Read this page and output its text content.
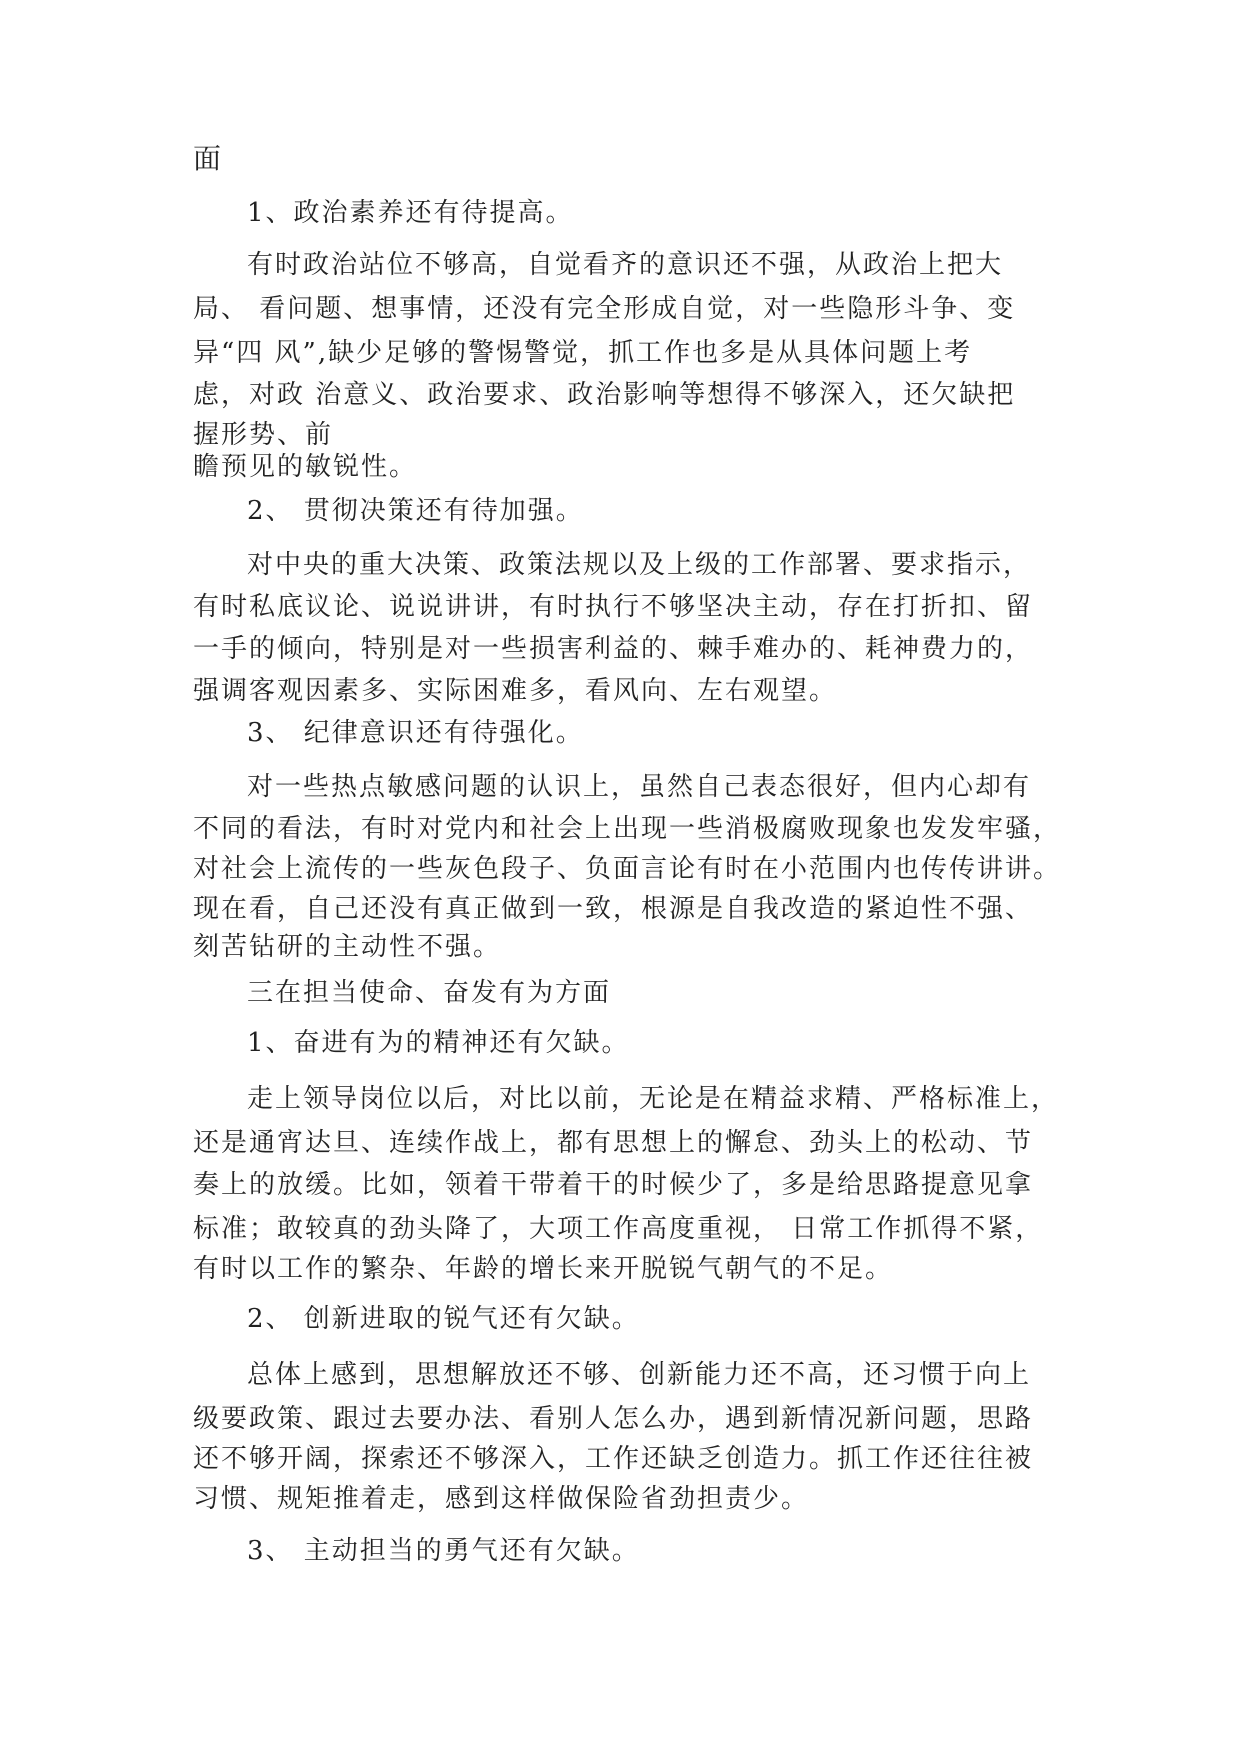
面
1、政治素养还有待提高。
有时政治站位不够高，自觉看齐的意识还不强，从政治上把大
局、 看问题、想事情，还没有完全形成自觉，对一些隐形斗争、变
异“四 风”,缺少足够的警惕警觉，抓工作也多是从具体问题上考
虑，对政 治意义、政治要求、政治影响等想得不够深入，还欠缺把
握形势、前
瞻预见的敏锐性。
2、 贯彻决策还有待加强。
对中央的重大决策、政策法规以及上级的工作部署、要求指示，
有时私底议论、说说讲讲，有时执行不够坚决主动，存在打折扣、留
一手的倾向，特别是对一些损害利益的、棘手难办的、耗神费力的，
强调客观因素多、实际困难多，看风向、左右观望。
3、 纪律意识还有待强化。
对一些热点敏感问题的认识上，虽然自己表态很好，但内心却有
不同的看法，有时对党内和社会上出现一些消极腐败现象也发发牢骚，
对社会上流传的一些灰色段子、负面言论有时在小范围内也传传讲讲。
现在看，自己还没有真正做到一致，根源是自我改造的紧迫性不强、
刻苦钻研的主动性不强。
三在担当使命、奋发有为方面
1、奋进有为的精神还有欠缺。
走上领导岗位以后，对比以前，无论是在精益求精、严格标准上，
还是通宵达旦、连续作战上，都有思想上的懈怠、劲头上的松动、节
奏上的放缓。比如，领着干带着干的时候少了，多是给思路提意见拿
标准；敢较真的劲头降了，大项工作高度重视， 日常工作抓得不紧，
有时以工作的繁杂、年龄的增长来开脱锐气朝气的不足。
2、 创新进取的锐气还有欠缺。
总体上感到，思想解放还不够、创新能力还不高，还习惯于向上
级要政策、跟过去要办法、看别人怎么办，遇到新情况新问题，思路
还不够开阔，探索还不够深入，工作还缺乏创造力。抓工作还往往被
习惯、规矩推着走，感到这样做保险省劲担责少。
3、 主动担当的勇气还有欠缺。
